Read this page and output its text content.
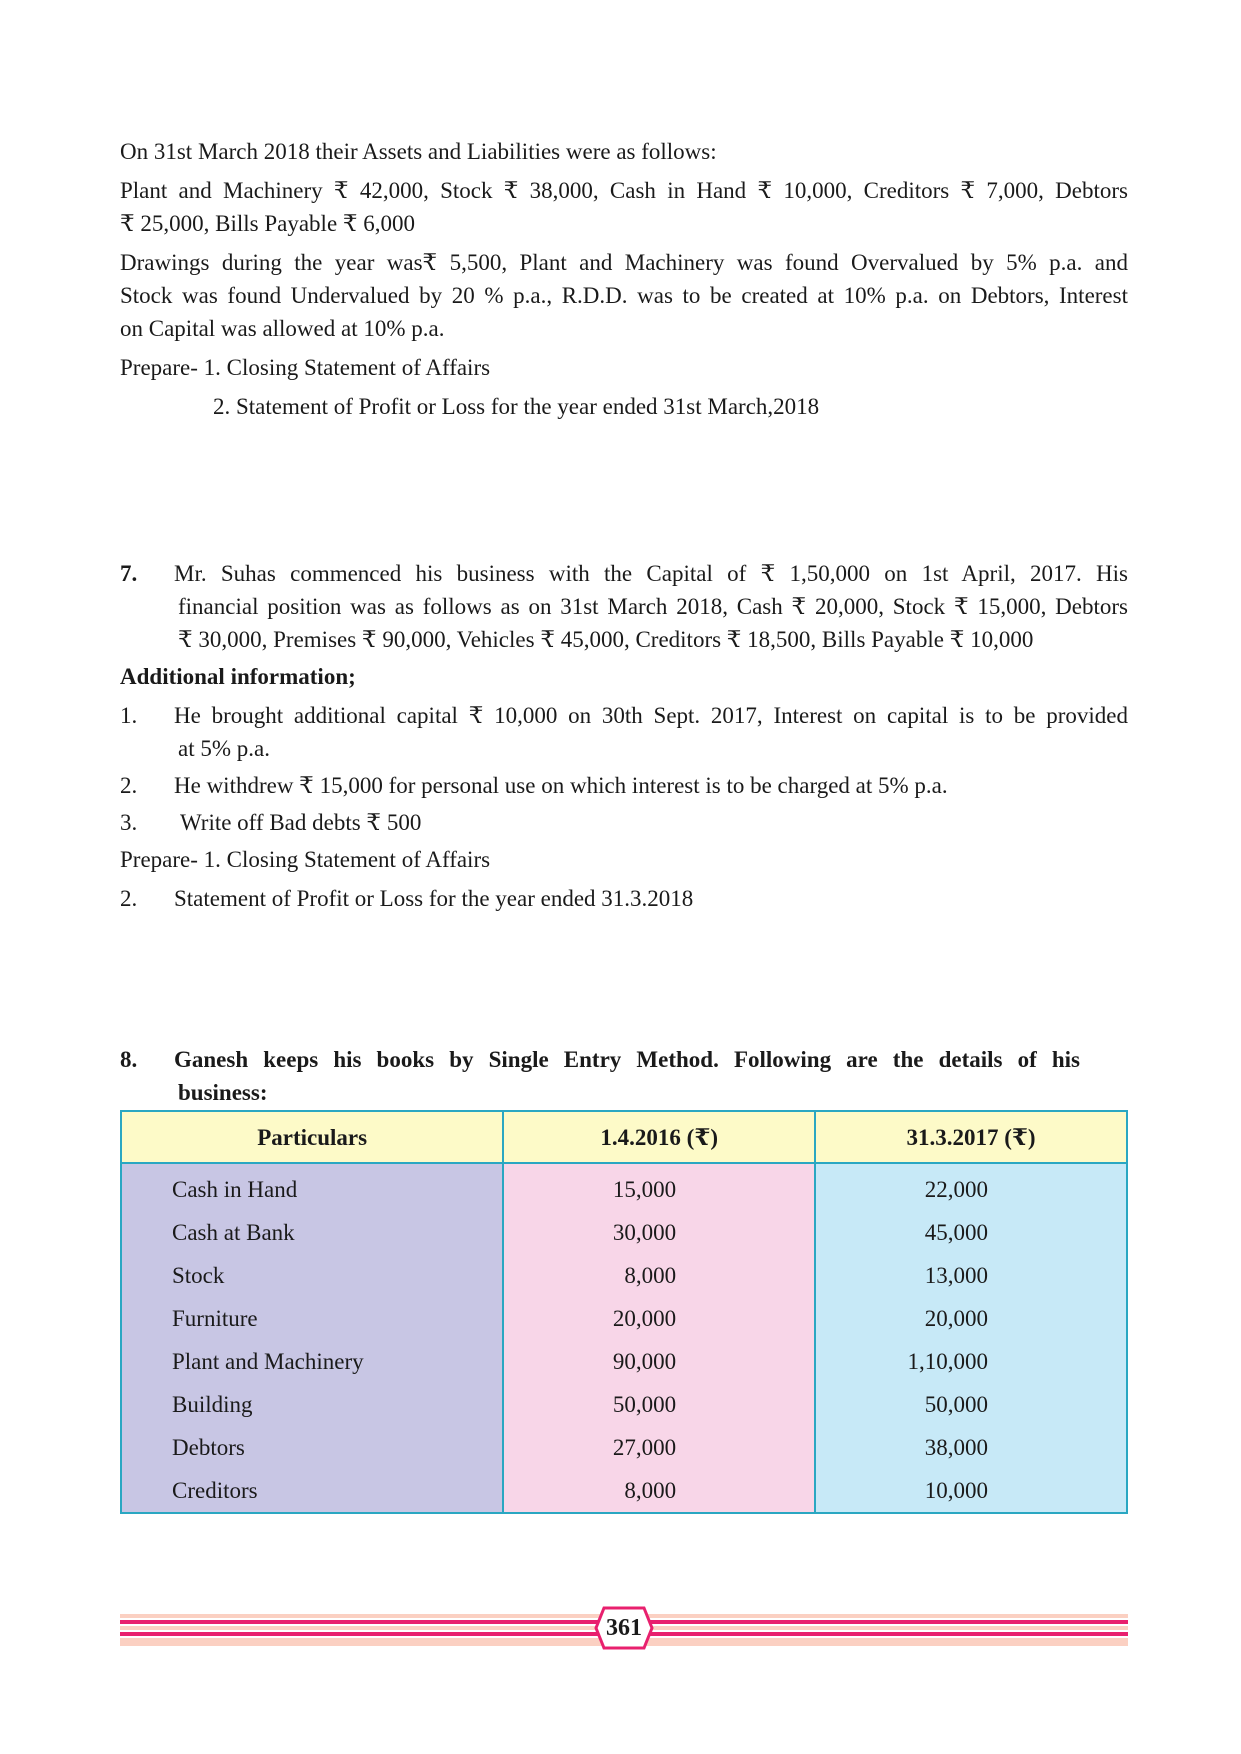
On 31st March 2018 their Assets and Liabilities were as follows:

Plant and Machinery ₹ 42,000, Stock ₹ 38,000, Cash in Hand ₹ 10,000, Creditors ₹ 7,000, Debtors
₹ 25,000, Bills Payable ₹ 6,000

Drawings during the year was₹ 5,500, Plant and Machinery was found Overvalued by 5% p.a. and
Stock was found Undervalued by 20 % p.a., R.D.D. was to be created at 10% p.a. on Debtors, Interest
on Capital was allowed at 10% p.a.

Prepare- 1. Closing Statement of Affairs

2. Statement of Profit or Loss for the year ended 31st March,2018

7.	Mr. Suhas commenced his business with the Capital of ₹ 1,50,000 on 1st April, 2017. His
financial position was as follows as on 31st March 2018, Cash ₹ 20,000, Stock ₹ 15,000, Debtors
₹ 30,000, Premises ₹ 90,000, Vehicles ₹ 45,000, Creditors ₹ 18,500, Bills Payable ₹ 10,000

Additional information;

1.	He brought additional capital ₹ 10,000 on 30th Sept. 2017, Interest on capital is to be provided
at 5% p.a.
2.	He withdrew ₹ 15,000 for personal use on which interest is to be charged at 5% p.a.
3.	Write off Bad debts ₹ 500

Prepare- 1. Closing Statement of Affairs

2.	Statement of Profit or Loss for the year ended 31.3.2018
8.	Ganesh keeps his books by Single Entry Method. Following are the details of his
business:
Particulars	1.4.2016 (₹)	31.3.2017 (₹)
Cash in Hand	15,000	22,000
Cash at Bank	30,000	45,000
Stock	8,000	13,000
Furniture	20,000	20,000
Plant and Machinery	90,000	1,10,000
Building	50,000	50,000
Debtors	27,000	38,000
Creditors	8,000	10,000
361
